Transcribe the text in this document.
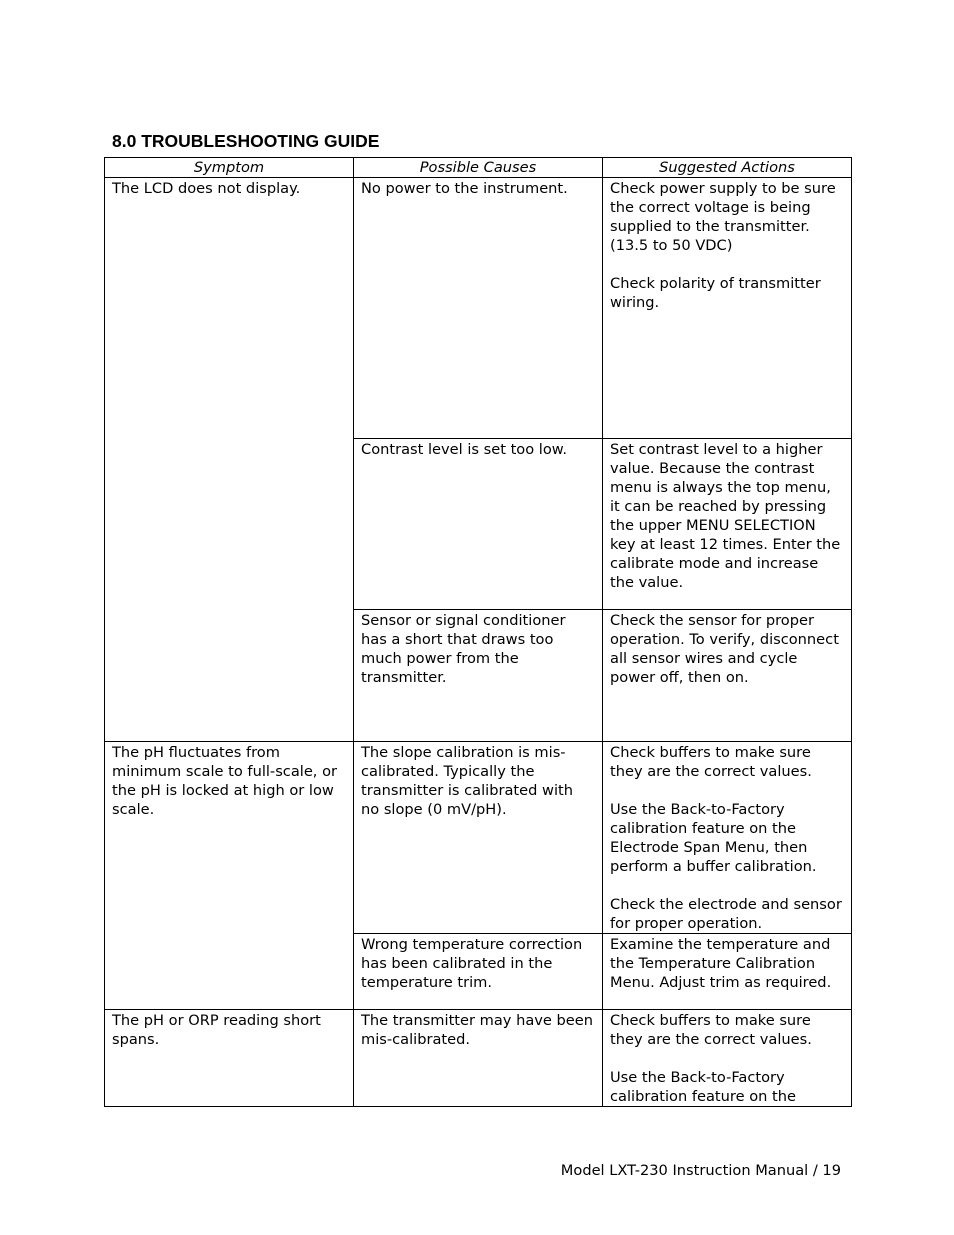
8.0 TROUBLESHOOTING GUIDE
Symptom	Possible Causes	Suggested Actions
The LCD does not display.	No power to the instrument.	Check power supply to be sure the correct voltage is being supplied to the transmitter. (13.5 to 50 VDC)
Check polarity of transmitter wiring.

	Contrast level is set too low.	Set contrast level to a higher value. Because the contrast menu is always the top menu, it can be reached by pressing the upper MENU SELECTION key at least 12 times. Enter the calibrate mode and increase the value.

	Sensor or signal conditioner has a short that draws too much power from the transmitter.	Check the sensor for proper operation. To verify, disconnect all sensor wires and cycle power off, then on.

The pH fluctuates from minimum scale to full-scale, or the pH is locked at high or low scale.	The slope calibration is mis-calibrated. Typically the transmitter is calibrated with no slope (0 mV/pH).	Check buffers to make sure they are the correct values.
Use the Back-to-Factory calibration feature on the Electrode Span Menu, then perform a buffer calibration.
Check the electrode and sensor for proper operation.

	Wrong temperature correction has been calibrated in the temperature trim.	Examine the temperature and the Temperature Calibration Menu. Adjust trim as required.

The pH or ORP reading short spans.	The transmitter may have been mis-calibrated.	Check buffers to make sure they are the correct values.
Use the Back-to-Factory calibration feature on the
Model LXT-230 Instruction Manual / 19
